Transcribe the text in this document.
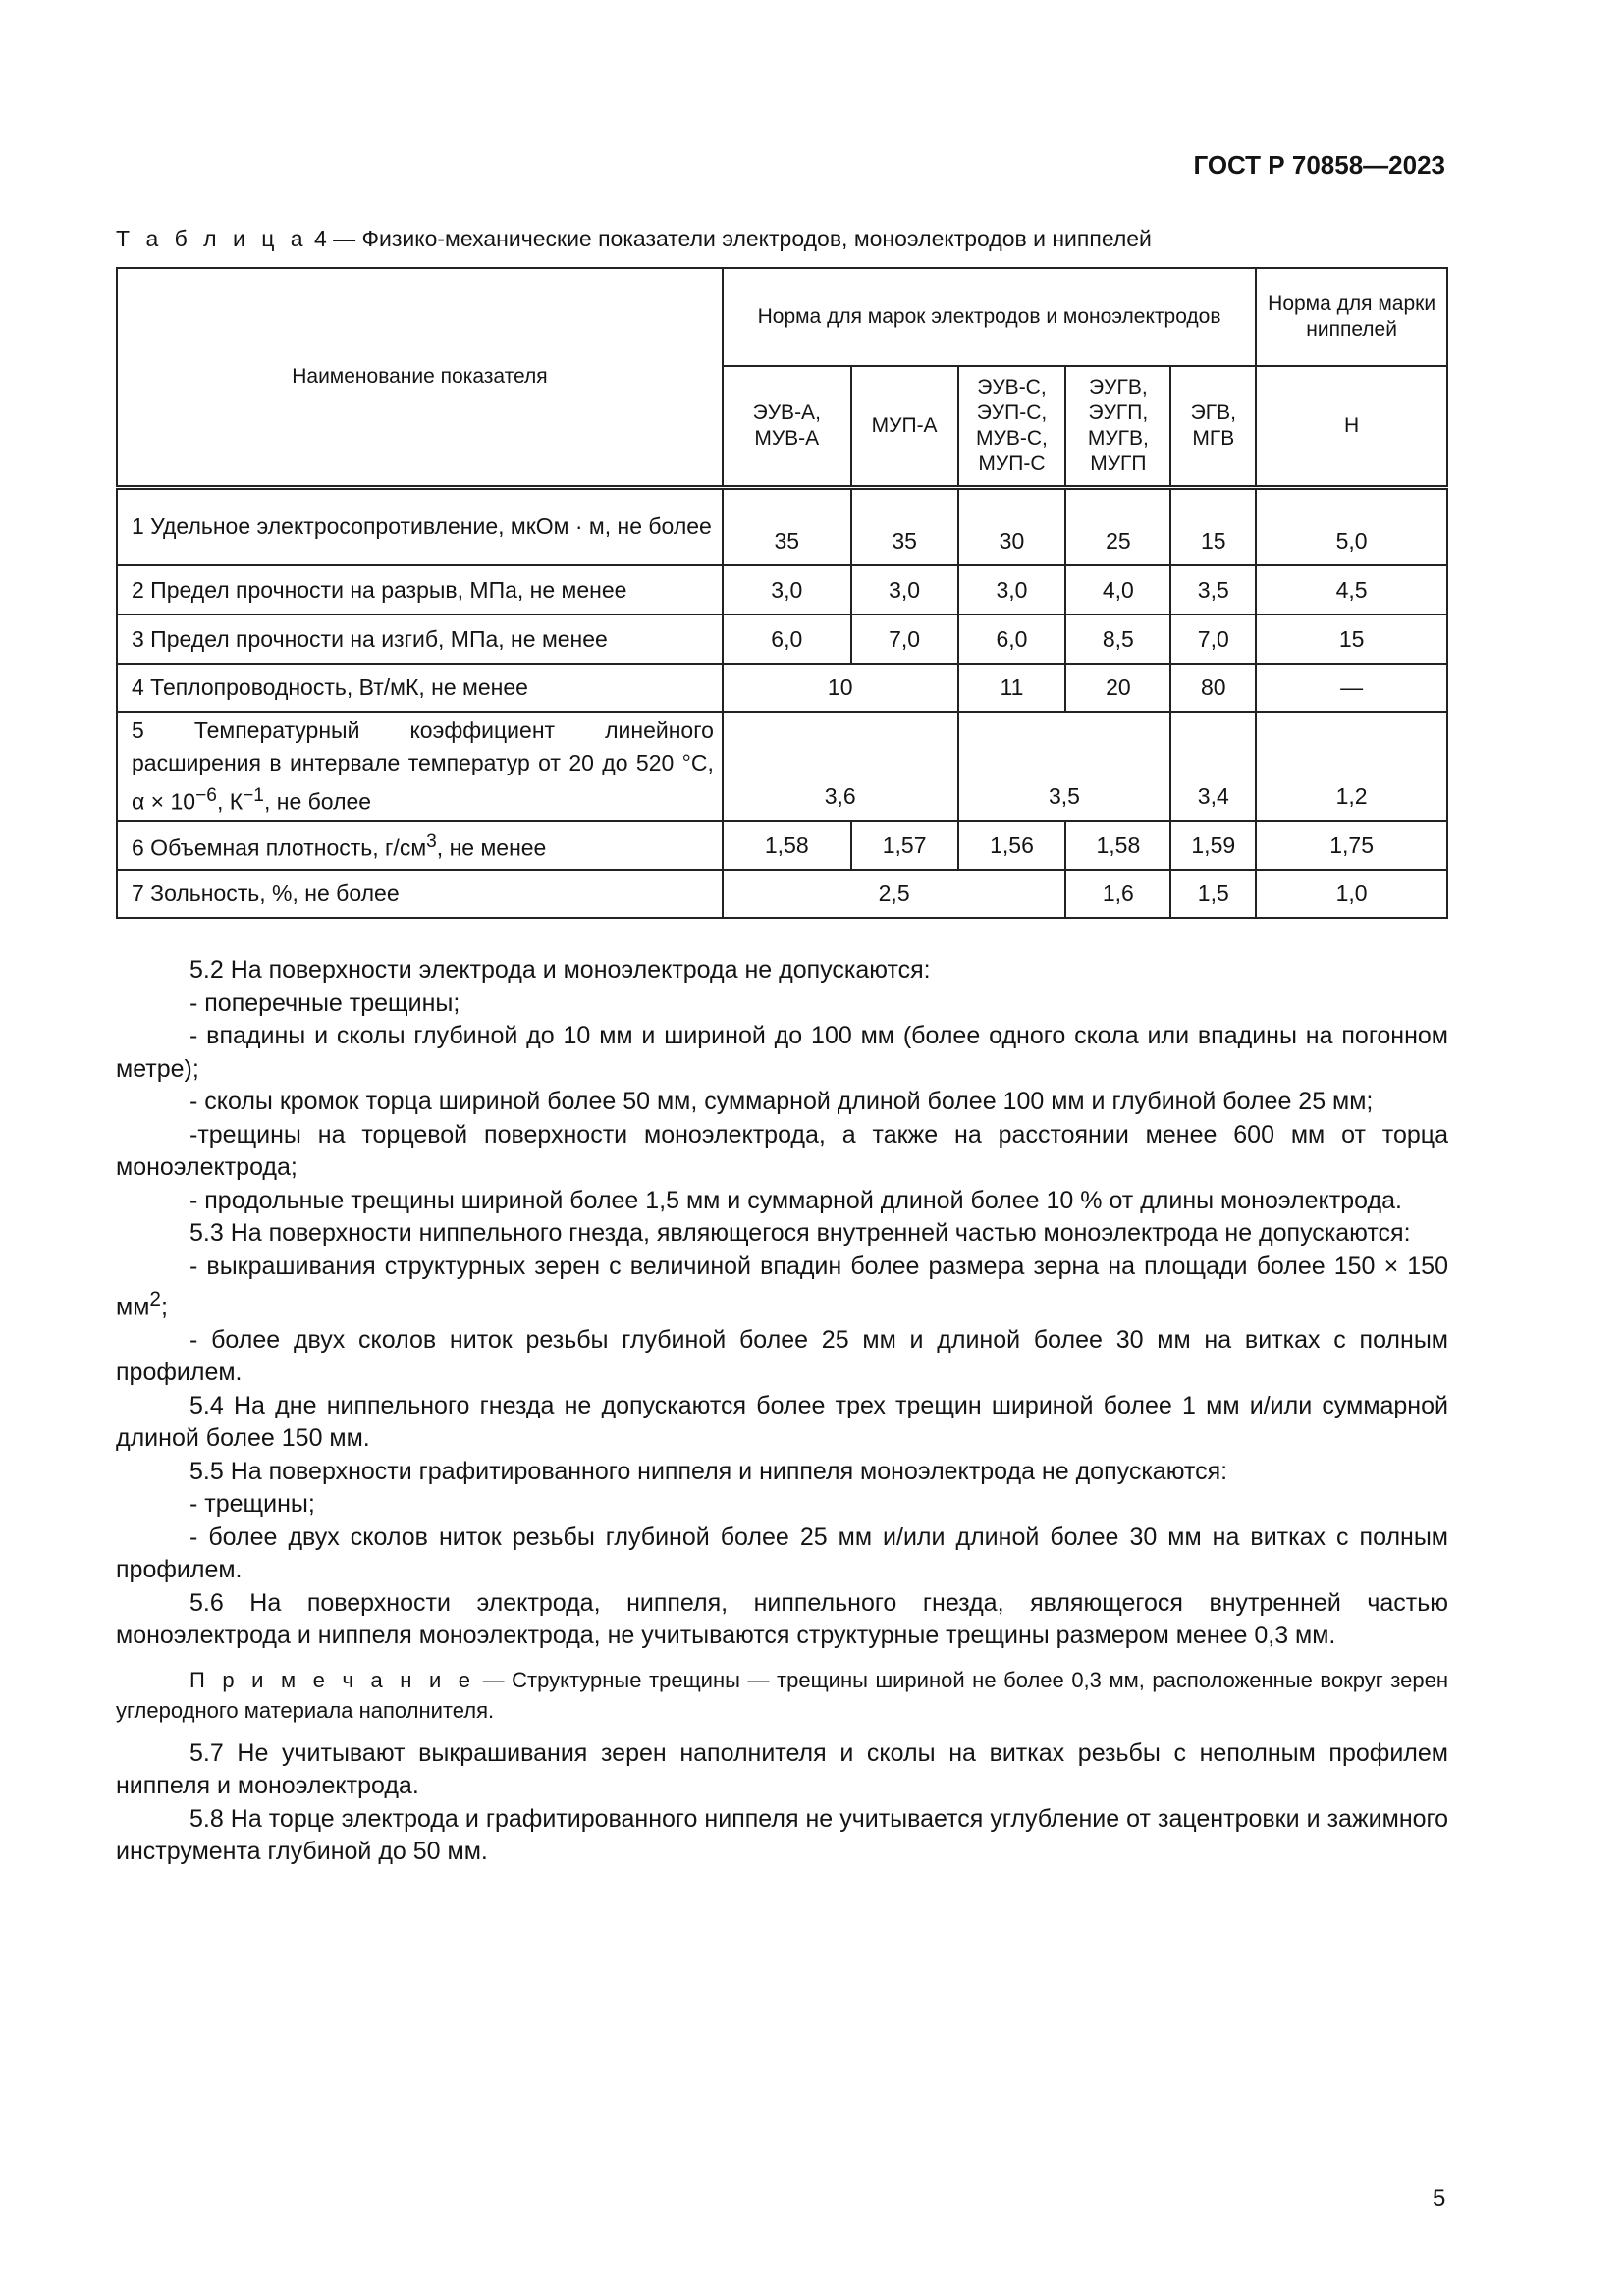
ГОСТ Р 70858—2023
Т а б л и ц а 4 — Физико-механические показатели электродов, моноэлектродов и ниппелей
Наименование показателя	Норма для марок электродов и моноэлектродов					Норма для марки ниппелей
	ЭУВ-А, МУВ-А	МУП-А	ЭУВ-С, ЭУП-С, МУВ-С, МУП-С	ЭУГВ, ЭУГП, МУГВ, МУГП	ЭГВ, МГВ	Н
1 Удельное электросопротивление, мкОм · м, не более	35	35	30	25	15	5,0
2 Предел прочности на разрыв, МПа, не менее	3,0	3,0	3,0	4,0	3,5	4,5
3 Предел прочности на изгиб, МПа, не менее	6,0	7,0	6,0	8,5	7,0	15
4 Теплопроводность, Вт/мК, не менее	10		11	20	80	—
5 Температурный коэффициент линейного расширения в интервале температур от 20 до 520 °С, $\alpha \times 10^{-6}$, $К^{-1}$, не более	3,6		3,5		3,4	1,2
6 Объемная плотность, $г/см^3$, не менее	1,58	1,57	1,56	1,58	1,59	1,75
7 Зольность, %, не более	2,5			1,6	1,5	1,0

5.2 На поверхности электрода и моноэлектрода не допускаются:

- поперечные трещины;

- впадины и сколы глубиной до 10 мм и шириной до 100 мм (более одного скола или впадины на погонном метре);

- сколы кромок торца шириной более 50 мм, суммарной длиной более 100 мм и глубиной более 25 мм;

-трещины на торцевой поверхности моноэлектрода, а также на расстоянии менее 600 мм от торца моноэлектрода;

- продольные трещины шириной более 1,5 мм и суммарной длиной более 10 % от длины моноэлектрода.

5.3 На поверхности ниппельного гнезда, являющегося внутренней частью моноэлектрода не допускаются:

- выкрашивания структурных зерен с величиной впадин более размера зерна на площади более 150 × 150 $мм^2$;

- более двух сколов ниток резьбы глубиной более 25 мм и длиной более 30 мм на витках с полным профилем.

5.4 На дне ниппельного гнезда не допускаются более трех трещин шириной более 1 мм и/или суммарной длиной более 150 мм.

5.5 На поверхности графитированного ниппеля и ниппеля моноэлектрода не допускаются:

- трещины;

- более двух сколов ниток резьбы глубиной более 25 мм и/или длиной более 30 мм на витках с полным профилем.

5.6 На поверхности электрода, ниппеля, ниппельного гнезда, являющегося внутренней частью моноэлектрода и ниппеля моноэлектрода, не учитываются структурные трещины размером менее 0,3 мм.

П р и м е ч а н и е — Структурные трещины — трещины шириной не более 0,3 мм, расположенные вокруг зерен углеродного материала наполнителя.

5.7 Не учитывают выкрашивания зерен наполнителя и сколы на витках резьбы с неполным профилем ниппеля и моноэлектрода.

5.8 На торце электрода и графитированного ниппеля не учитывается углубление от зацентровки и зажимного инструмента глубиной до 50 мм.

5
